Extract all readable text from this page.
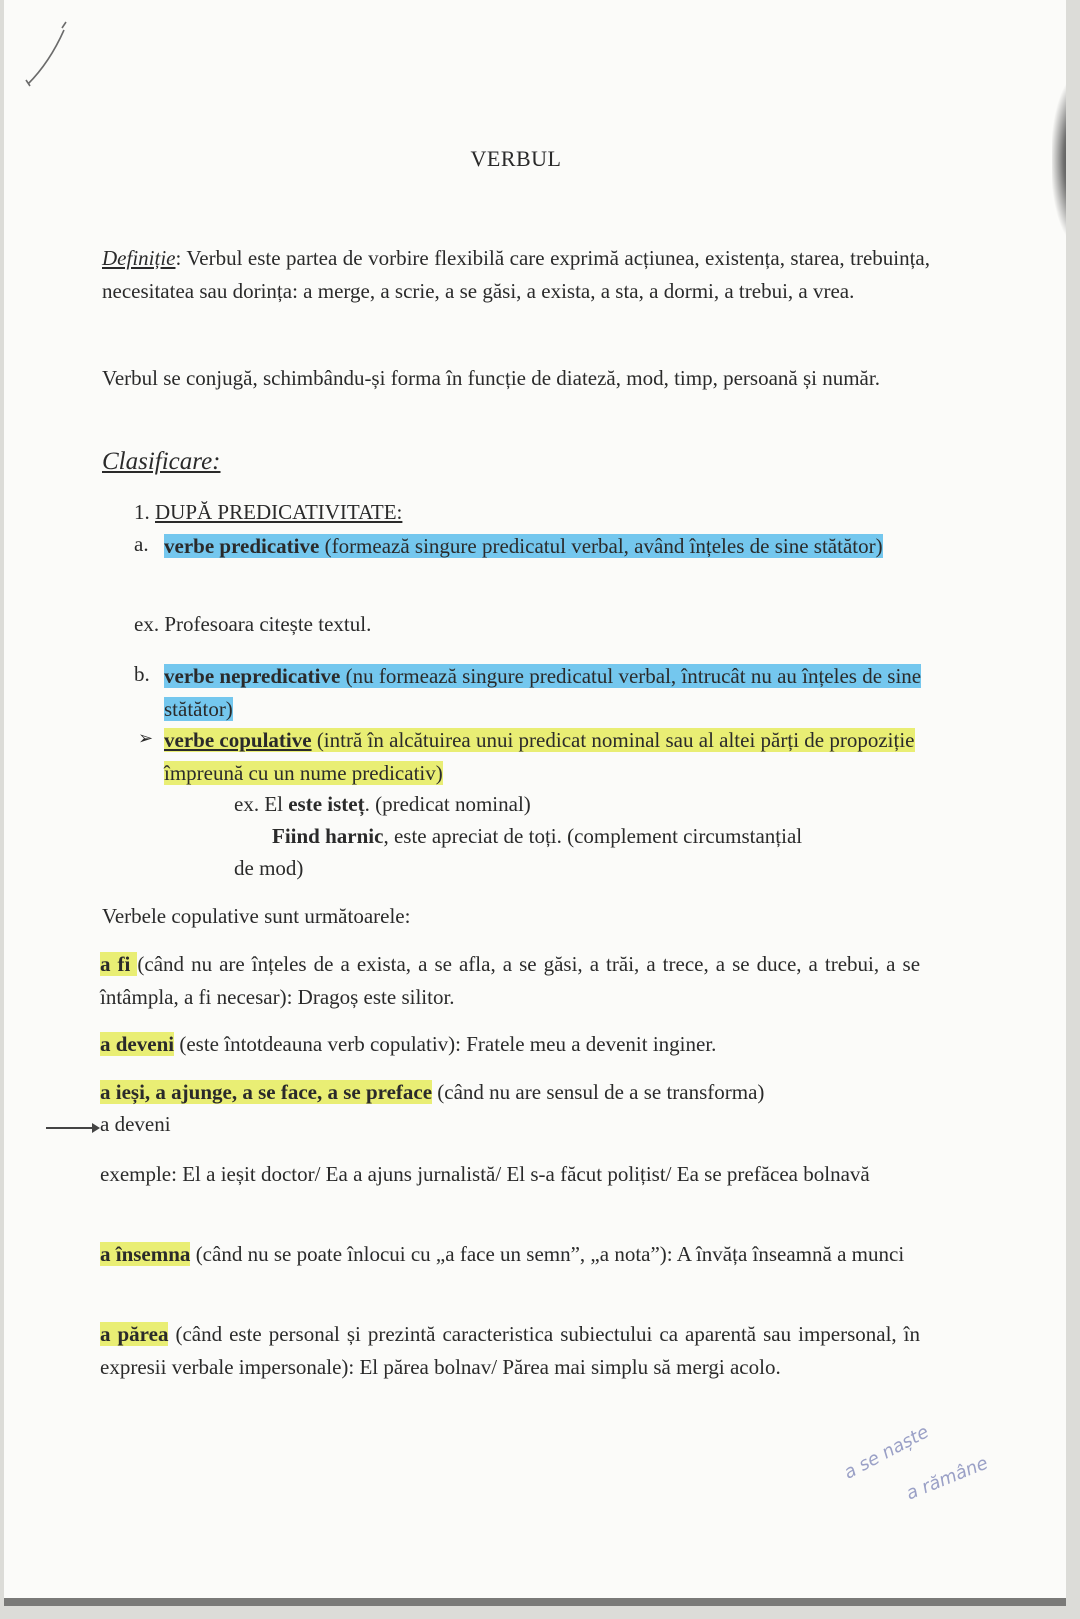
VERBUL

Definiție: Verbul este partea de vorbire flexibilă care exprimă acțiunea, existența, starea, trebuința, necesitatea sau dorința: a merge, a scrie, a se găsi, a exista, a sta, a dormi, a trebui, a vrea.

Verbul se conjugă, schimbându-și forma în funcție de diateză, mod, timp, persoană și număr.

Clasificare:
1. DUPĂ PREDICATIVITATE:
a. verbe predicative (formează singure predicatul verbal, având înțeles de sine stătător)

ex. Profesoara citește textul.
b. verbe nepredicative (nu formează singure predicatul verbal, întrucât nu au înțeles de sine stătător)

➢ verbe copulative (intră în alcătuirea unui predicat nominal sau al altei părți de propoziție împreună cu un nume predicativ)

ex. El este isteț. (predicat nominal)
Fiind harnic, este apreciat de toți. (complement circumstanțial
de mod)
Verbele copulative sunt următoarele:

a fi (când nu are înțeles de a exista, a se afla, a se găsi, a trăi, a trece, a se duce, a trebui, a se întâmpla, a fi necesar): Dragoș este silitor.

a deveni (este întotdeauna verb copulativ): Fratele meu a devenit inginer.

a ieși, a ajunge, a se face, a se preface (când nu are sensul de a se transforma)

a deveni

exemple: El a ieșit doctor/ Ea a ajuns jurnalistă/ El s-a făcut polițist/ Ea se prefăcea bolnavă

a însemna (când nu se poate înlocui cu „a face un semn”, „a nota”): A învăța înseamnă a munci

a părea (când este personal și prezintă caracteristica subiectului ca aparentă sau impersonal, în expresii verbale impersonale): El părea bolnav/ Părea mai simplu să mergi acolo.

a se naște
a rămâne
